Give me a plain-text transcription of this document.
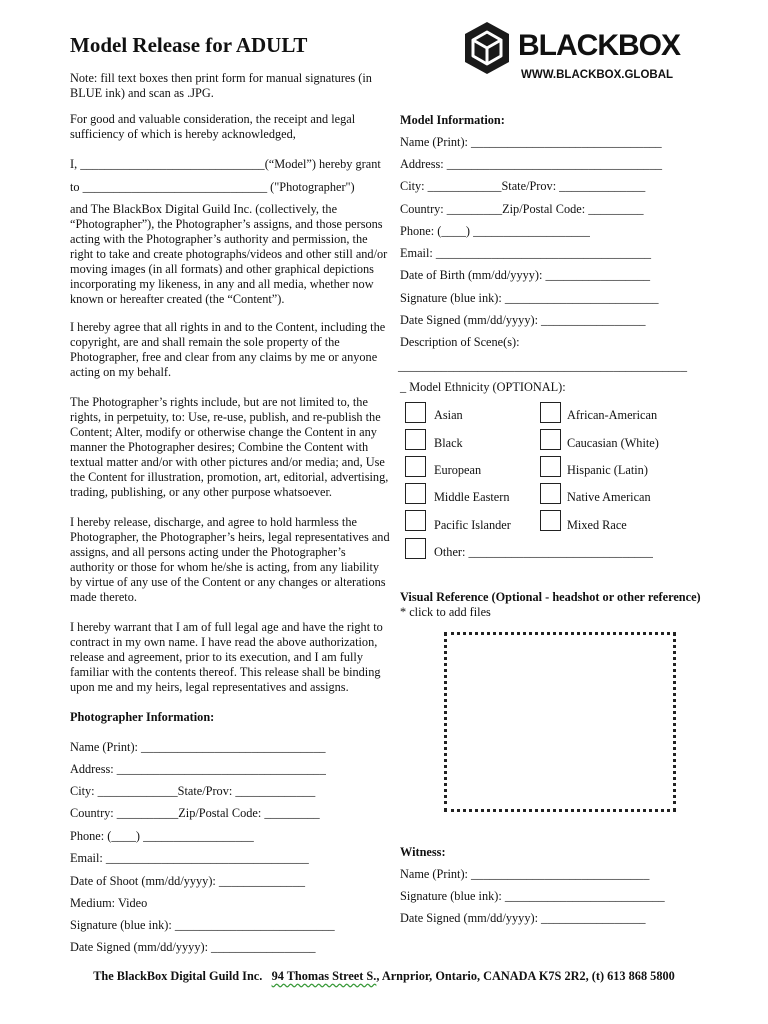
Model Release for ADULT	BLACKBOX
WWW.BLACKBOX.GLOBAL
Note: fill text boxes then print form for manual signatures (in BLUE ink) and scan as .JPG.
For good and valuable consideration, the receipt and legal sufficiency of which is hereby acknowledged,
I, ______________________________(“Model”) hereby grant
to ______________________________ ("Photographer")
and The BlackBox Digital Guild Inc. (collectively, the “Photographer”), the Photographer’s assigns, and those persons acting with the Photographer’s authority and permission, the right to take and create photographs/videos and other still and/or moving images (in all formats) and other graphical depictions incorporating my likeness, in any and all media, whether now known or hereafter created (the “Content”).
I hereby agree that all rights in and to the Content, including the copyright, are and shall remain the sole property of the Photographer, free and clear from any claims by me or anyone acting on my behalf.
The Photographer’s rights include, but are not limited to, the rights, in perpetuity, to: Use, re-use, publish, and re-publish the Content; Alter, modify or otherwise change the Content in any manner the Photographer desires; Combine the Content with textual matter and/or with other pictures and/or media; and, Use the Content for illustration, promotion, art, editorial, advertising, trading, publishing, or any other purpose whatsoever.
I hereby release, discharge, and agree to hold harmless the Photographer, the Photographer’s heirs, legal representatives and assigns, and all persons acting under the Photographer’s authority or those for whom he/she is acting, from any liability by virtue of any use of the Content or any changes or alterations made thereto.
I hereby warrant that I am of full legal age and have the right to contract in my own name. I have read the above authorization, release and agreement, prior to its execution, and I am fully familiar with the contents thereof. This release shall be binding upon me and my heirs, legal representatives and assigns.
Photographer Information:
Name (Print): ______________________________
Address: __________________________________
City: _____________State/Prov: _____________
Country: __________Zip/Postal Code: _________
Phone: (____) __________________
Email: _________________________________
Date of Shoot (mm/dd/yyyy): ______________
Medium: Video
Signature (blue ink): __________________________
Date Signed (mm/dd/yyyy): _________________
Model Information:
Name (Print): _______________________________
Address: ___________________________________
City: ____________State/Prov: ______________
Country: _________Zip/Postal Code: _________
Phone: (____) ___________________
Email: ___________________________________
Date of Birth (mm/dd/yyyy): _________________
Signature (blue ink): _________________________
Date Signed (mm/dd/yyyy): _________________
Description of Scene(s):
_______________________________________________
_ Model Ethnicity (OPTIONAL):
Asian
Black
European
Middle Eastern
Pacific Islander
Other: ______________________________
African-American
Caucasian (White)
Hispanic (Latin)
Native American
Mixed Race
Visual Reference (Optional - headshot or other reference)
* click to add files
Witness:
Name (Print): _____________________________
Signature (blue ink): __________________________
Date Signed (mm/dd/yyyy): _________________
The BlackBox Digital Guild Inc. 94 Thomas Street S., Arnprior, Ontario, CANADA K7S 2R2, (t) 613 868 5800
